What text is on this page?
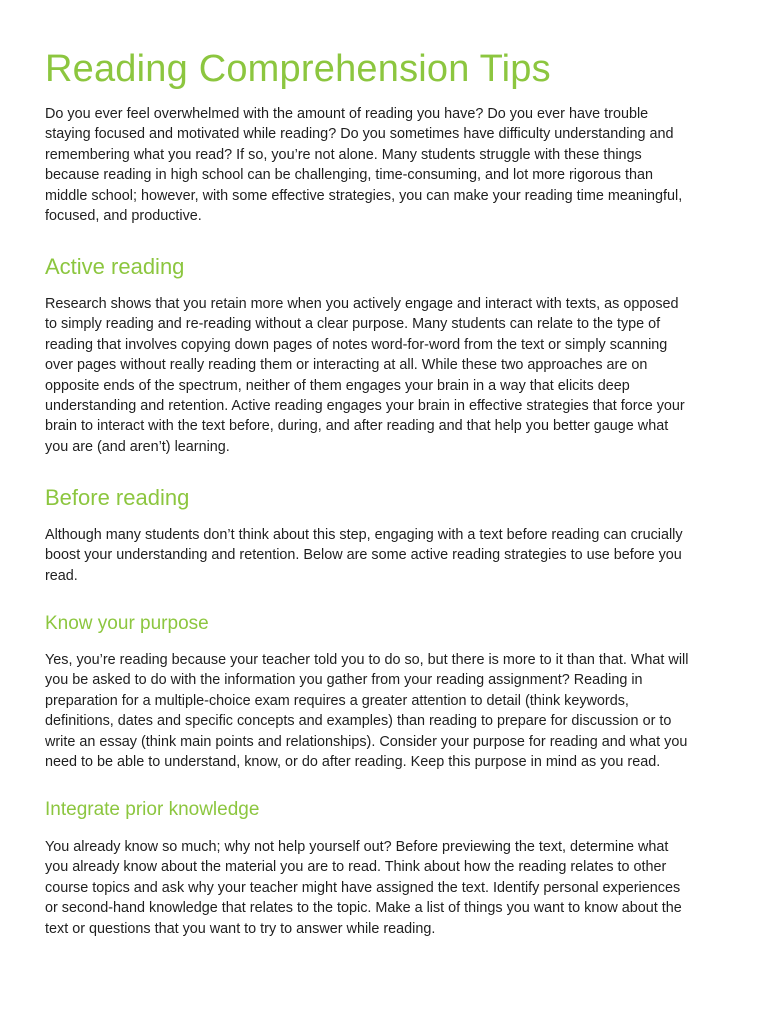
Reading Comprehension Tips

Do you ever feel overwhelmed with the amount of reading you have? Do you ever have trouble
staying focused and motivated while reading? Do you sometimes have difficulty understanding and
remembering what you read? If so, you’re not alone. Many students struggle with these things
because reading in high school can be challenging, time-consuming, and lot more rigorous than
middle school; however, with some effective strategies, you can make your reading time meaningful,
focused, and productive.

Active reading

Research shows that you retain more when you actively engage and interact with texts, as opposed
to simply reading and re-reading without a clear purpose. Many students can relate to the type of
reading that involves copying down pages of notes word-for-word from the text or simply scanning
over pages without really reading them or interacting at all. While these two approaches are on
opposite ends of the spectrum, neither of them engages your brain in a way that elicits deep
understanding and retention. Active reading engages your brain in effective strategies that force your
brain to interact with the text before, during, and after reading and that help you better gauge what
you are (and aren’t) learning.

Before reading

Although many students don’t think about this step, engaging with a text before reading can crucially
boost your understanding and retention. Below are some active reading strategies to use before you
read.

Know your purpose

Yes, you’re reading because your teacher told you to do so, but there is more to it than that. What will
you be asked to do with the information you gather from your reading assignment? Reading in
preparation for a multiple-choice exam requires a greater attention to detail (think keywords,
definitions, dates and specific concepts and examples) than reading to prepare for discussion or to
write an essay (think main points and relationships). Consider your purpose for reading and what you
need to be able to understand, know, or do after reading. Keep this purpose in mind as you read.

Integrate prior knowledge

You already know so much; why not help yourself out? Before previewing the text, determine what
you already know about the material you are to read. Think about how the reading relates to other
course topics and ask why your teacher might have assigned the text. Identify personal experiences
or second-hand knowledge that relates to the topic. Make a list of things you want to know about the
text or questions that you want to try to answer while reading.
